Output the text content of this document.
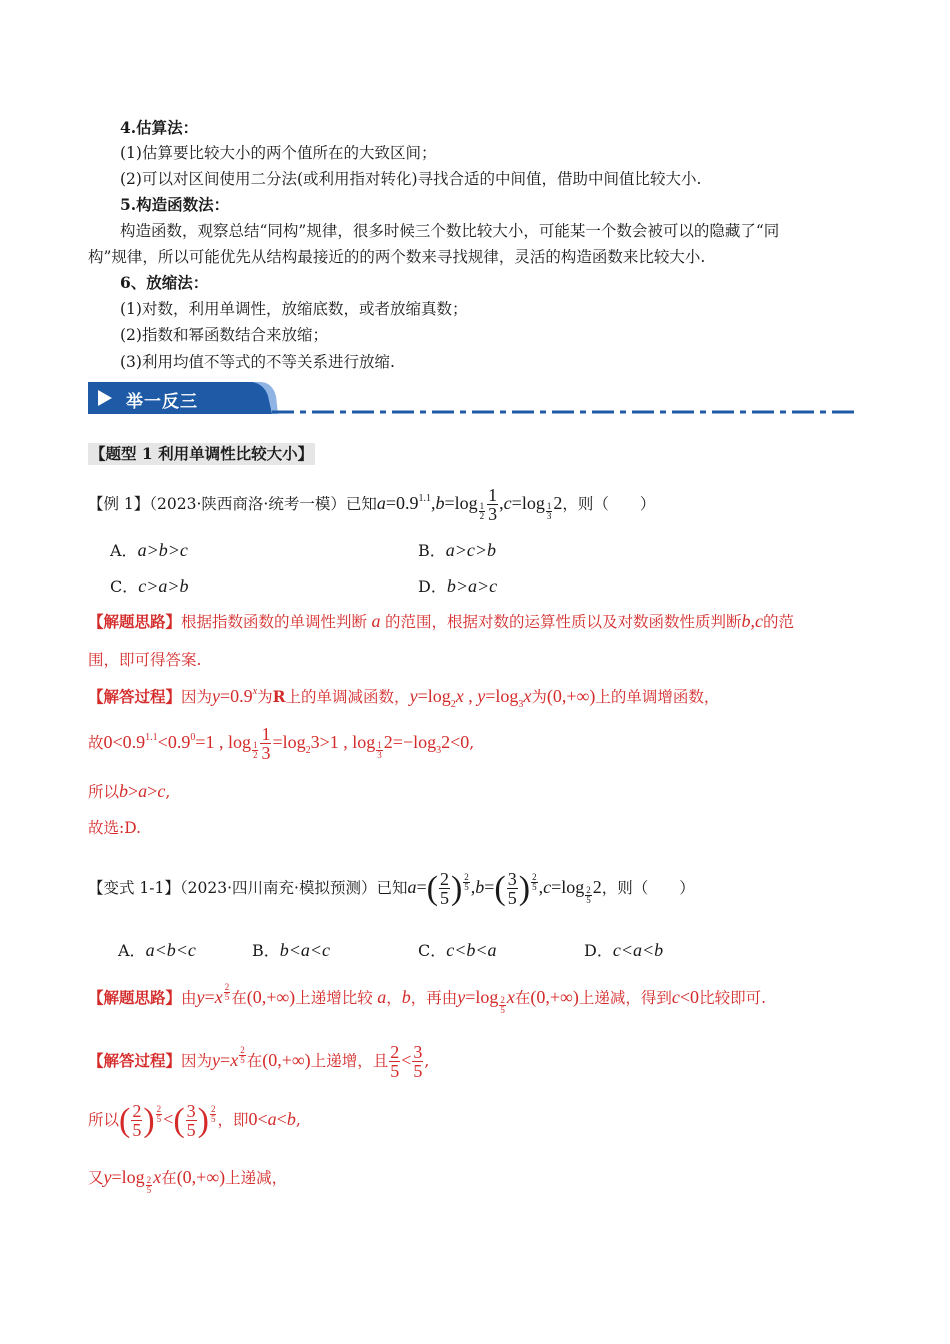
4.估算法：
(1)估算要比较大小的两个值所在的大致区间；
(2)可以对区间使用二分法(或利用指对转化)寻找合适的中间值，借助中间值比较大小.
5.构造函数法：
构造函数，观察总结“同构”规律，很多时候三个数比较大小，可能某一个数会被可以的隐藏了“同
构”规律，所以可能优先从结构最接近的的两个数来寻找规律，灵活的构造函数来比较大小.
6、放缩法：
(1)对数，利用单调性，放缩底数，或者放缩真数；
(2)指数和幂函数结合来放缩；
(3)利用均值不等式的不等关系进行放缩.
举一反三
【题型 1 利用单调性比较大小】
【例 1】（2023·陕西商洛·统考一模）已知$a=0.9^{1.1},b=\log$ $_{\frac{1}{2}} \frac{1}{3} ,c=\log$ $_{\frac{1}{3}}$ 2，则（　　）
A．a>b>c	B．a>c>b
C．c>a>b	D．b>a>c
【解题思路】根据指数函数的单调性判断 a 的范围，根据对数的运算性质以及对数函数性质判断b,c的范
围，即可得答案.
【解答过程】因为$y=0.9^x$为R上的单调减函数，$y=\log_2x$ , $y=\log_3x$为(0,+∞)上的单调增函数，
故$0<0.9^{1.1}<0.9^0=1$ , $\log _{\frac{1}{2}} \frac{1}{3} =\log_23>1$ , log $_{\frac{1}{3}}$ $2=-\log_32<0$,
所以b>a>c,
故选:D.
【变式 1-1】（2023·四川南充·模拟预测）已知$a=( \frac{2}{5}$ ) $^{\frac{2}{5}}$ $,b=( \frac{3}{5}$ ) $^{\frac{2}{5}}$ ,c=log $_{\frac{2}{5}}$ 2，则（　　）
A．a<b<c	B．b<a<c	C．c<b<a	D．c<a<b
【解题思路】由y=x $^{\frac{2}{5}}$ 在(0,+∞)上递增比较 a，b，再由y=log $_{\frac{2}{5}}$ x在(0,+∞)上递减，得到c<0比较即可.
【解答过程】因为y=x $^{\frac{2}{5}}$ 在(0,+∞)上递增，且 $\frac{2}{5} < \frac{3}{5}$ ,
所以( $\frac{2}{5}$ ) $^{\frac{2}{5}}$ <( $\frac{3}{5}$ ) $^{\frac{2}{5}}$ ，即0<a<b,
又y=log $_{\frac{2}{5}}$ x在(0,+∞)上递减，
